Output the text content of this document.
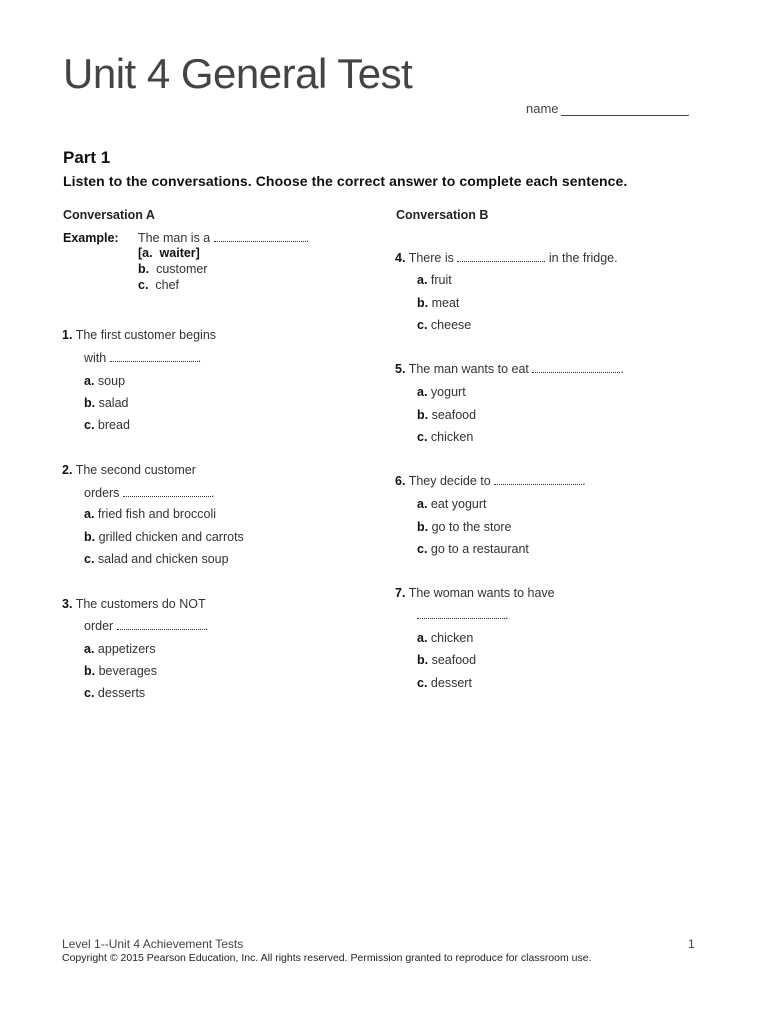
Unit 4 General Test
name
Part 1
Listen to the conversations. Choose the correct answer to complete each sentence.
Conversation A
Example: The man is a	.
[a. waiter]
b. customer
c. chef
1. The first customer begins
with	.
a. soup
b. salad
c. bread
2. The second customer
orders	.
a. fried fish and broccoli
b. grilled chicken and carrots
c. salad and chicken soup
3. The customers do NOT
order	.
a. appetizers
b. beverages
c. desserts
Conversation B
4. There is	in the fridge.
a. fruit
b. meat
c. cheese
5. The man wants to eat	.
a. yogurt
b. seafood
c. chicken
6. They decide to	.
a. eat yogurt
b. go to the store
c. go to a restaurant
7. The woman wants to have
.
a. chicken
b. seafood
c. dessert
Level 1--Unit 4 Achievement Tests
Copyright © 2015 Pearson Education, Inc. All rights reserved. Permission granted to reproduce for classroom use.
1
